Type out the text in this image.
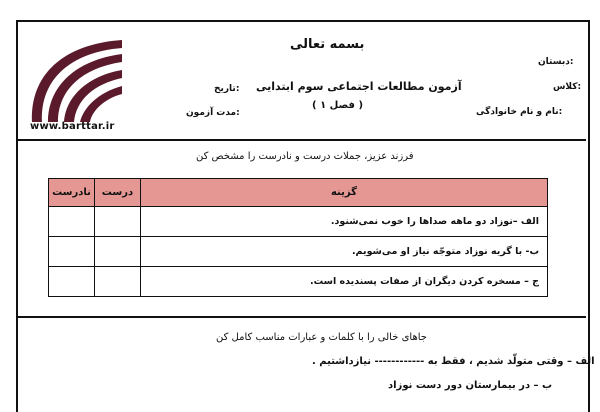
www.barttar.ir
بسمه تعالی
دبستان:
کلاس:
نام و نام خانوادگی:
آزمون مطالعات اجتماعی سوم ابتدایی
( فصل ۱ )
تاریخ:
مدت آزمون:
فرزند عزیز، جملات درست و نادرست را مشخص کن
نادرست	درست	گزینه
		الف –نوزاد دو ماهه صداها را خوب نمی‌شنود.
		ب- با گریه نوزاد متوجّه نیاز او می‌شویم.
		ج – مسخره کردن دیگران از صفات پسندیده است.
جاهای خالی را با کلمات و عبارات مناسب کامل کن
الف – وقتی متولّد شدیم ، فقط به ------------ نیازداشتیم .
ب – در بیمارستان دور دست نوزاد
